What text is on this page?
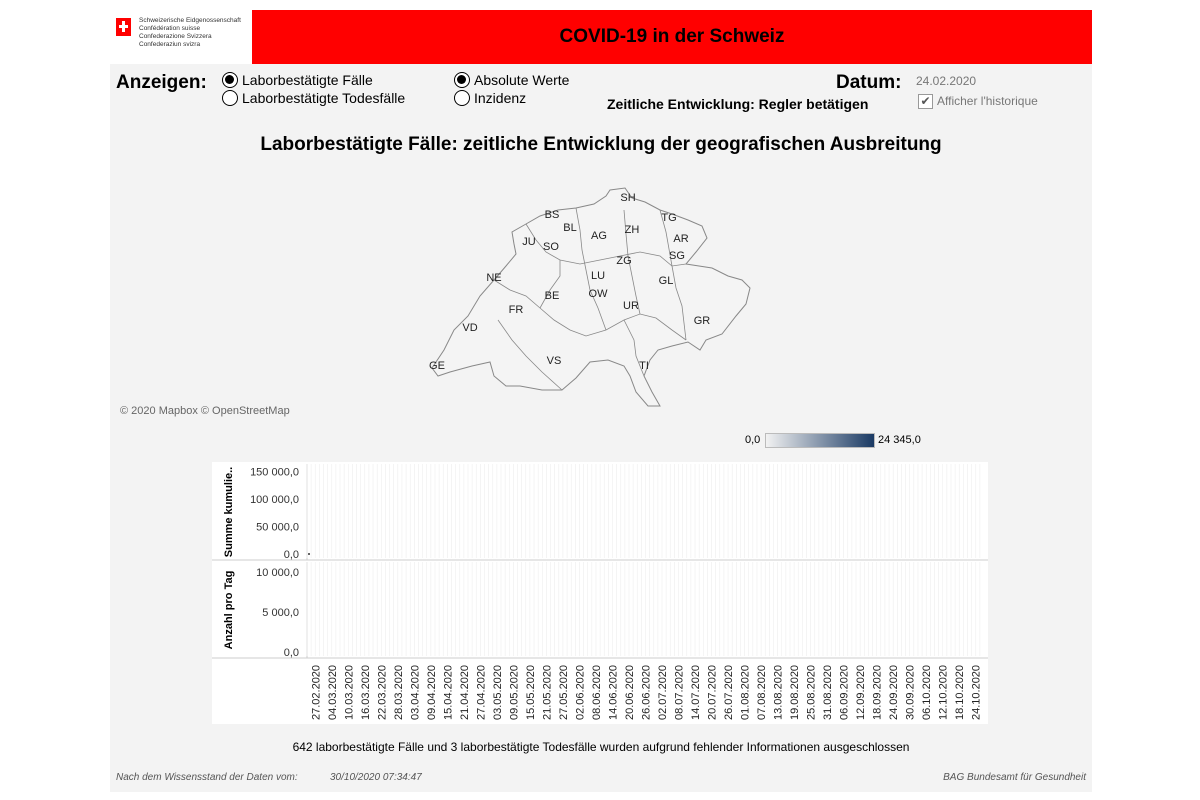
Schweizerische Eidgenossenschaft
Confédération suisse
Confederazione Svizzera
Confederaziun svizra	COVID-19 in der Schweiz
Anzeigen:	Laborbestätigte Fälle
Laborbestätigte Todesfälle
Absolute Werte
Inzidenz
Datum: 24.02.2020
Zeitliche Entwicklung: Regler betätigen	✔ Afficher l'historique
Laborbestätigte Fälle: zeitliche Entwicklung der geografischen Ausbreitung
SH
BS
BL
TG
JU	AG ZH
AR
SO
SG
NE	LU
ZG
GL
BE	OW
UR
FR
GR
VD
VS	TI
GE
© 2020 Mapbox © OpenStreetMap
0,0	24 345,0
150 000,0
100 000,0
50 000,0
0,0
Summe kumulie..
10 000,0
5 000,0
0,0
Anzahl pro Tag
27.02.2020 04.03.2020 10.03.2020 16.03.2020 22.03.2020 28.03.2020 03.04.2020 09.04.2020 15.04.2020 21.04.2020 27.04.2020 03.05.2020 09.05.2020 15.05.2020 21.05.2020 27.05.2020 02.06.2020 08.06.2020 14.06.2020 20.06.2020 26.06.2020 02.07.2020 08.07.2020 14.07.2020 20.07.2020 26.07.2020 01.08.2020 07.08.2020 13.08.2020 19.08.2020 25.08.2020 31.08.2020 06.09.2020 12.09.2020 18.09.2020 24.09.2020 30.09.2020 06.10.2020 12.10.2020 18.10.2020 24.10.2020
642 laborbestätigte Fälle und 3 laborbestätigte Todesfälle wurden aufgrund fehlender Informationen ausgeschlossen
Nach dem Wissensstand der Daten vom:	30/10/2020 07:34:47	BAG Bundesamt für Gesundheit
